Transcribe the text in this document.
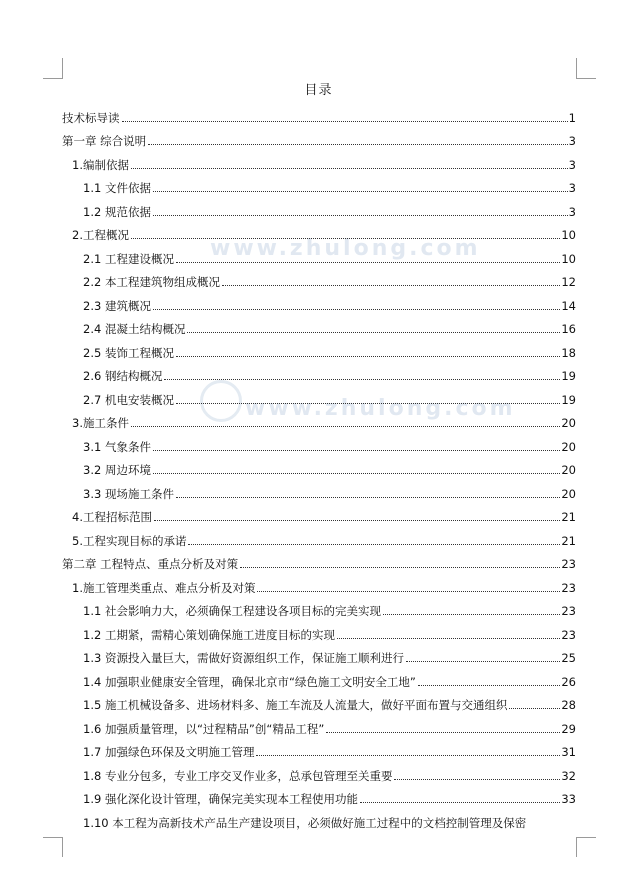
www.zhulong.com
www.zhulong.com
目录
技术标导读	1
第一章 综合说明	3
1.编制依据	3
1.1 文件依据	3
1.2 规范依据	3
2.工程概况	10
2.1 工程建设概况	10
2.2 本工程建筑物组成概况	12
2.3 建筑概况	14
2.4 混凝土结构概况	16
2.5 装饰工程概况	18
2.6 钢结构概况	19
2.7 机电安装概况	19
3.施工条件	20
3.1 气象条件	20
3.2 周边环境	20
3.3 现场施工条件	20
4.工程招标范围	21
5.工程实现目标的承诺	21
第二章 工程特点、重点分析及对策	23
1.施工管理类重点、难点分析及对策	23
1.1 社会影响力大，必须确保工程建设各项目标的完美实现	23
1.2 工期紧，需精心策划确保施工进度目标的实现	23
1.3 资源投入量巨大，需做好资源组织工作，保证施工顺利进行	25
1.4 加强职业健康安全管理，确保北京市“绿色施工文明安全工地”	26
1.5 施工机械设备多、进场材料多、施工车流及人流量大，做好平面布置与交通组织	28
1.6 加强质量管理，以“过程精品”创“精品工程”	29
1.7 加强绿色环保及文明施工管理	31
1.8 专业分包多，专业工序交叉作业多，总承包管理至关重要	32
1.9 强化深化设计管理，确保完美实现本工程使用功能	33
1.10 本工程为高新技术产品生产建设项目，必须做好施工过程中的文档控制管理及保密
